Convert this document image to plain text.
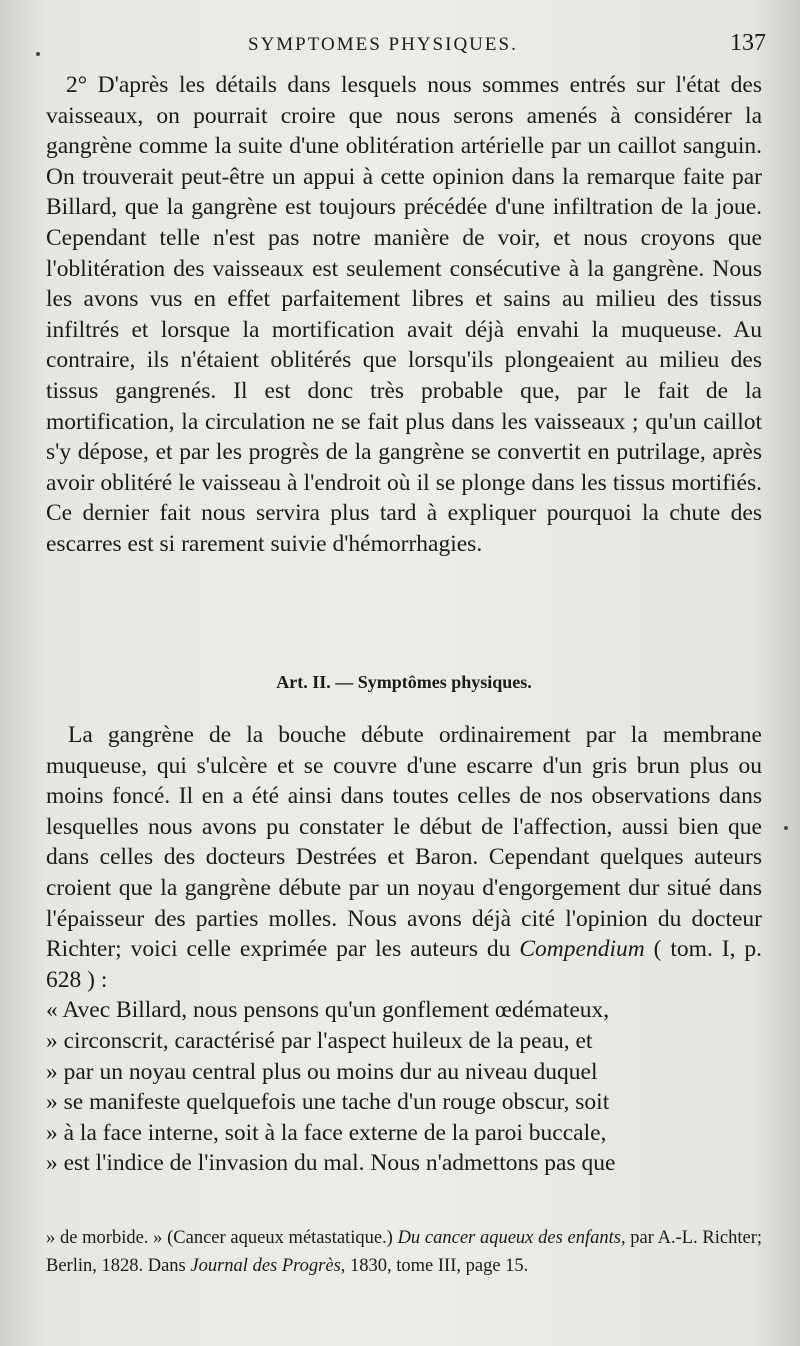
SYMPTOMES PHYSIQUES.	137

2° D'après les détails dans lesquels nous sommes entrés sur l'état des vaisseaux, on pourrait croire que nous serons amenés à considérer la gangrène comme la suite d'une oblitération artérielle par un caillot sanguin. On trouverait peut-être un appui à cette opinion dans la remarque faite par Billard, que la gangrène est toujours précédée d'une infiltration de la joue. Cependant telle n'est pas notre manière de voir, et nous croyons que l'oblitération des vaisseaux est seulement consécutive à la gangrène. Nous les avons vus en effet parfaitement libres et sains au milieu des tissus infiltrés et lorsque la mortification avait déjà envahi la muqueuse. Au contraire, ils n'étaient oblitérés que lorsqu'ils plongeaient au milieu des tissus gangrenés. Il est donc très probable que, par le fait de la mortification, la circulation ne se fait plus dans les vaisseaux ; qu'un caillot s'y dépose, et par les progrès de la gangrène se convertit en putrilage, après avoir oblitéré le vaisseau à l'endroit où il se plonge dans les tissus mortifiés. Ce dernier fait nous servira plus tard à expliquer pourquoi la chute des escarres est si rarement suivie d'hémorrhagies.

Art. II. — Symptômes physiques.

La gangrène de la bouche débute ordinairement par la membrane muqueuse, qui s'ulcère et se couvre d'une escarre d'un gris brun plus ou moins foncé. Il en a été ainsi dans toutes celles de nos observations dans lesquelles nous avons pu constater le début de l'affection, aussi bien que dans celles des docteurs Destrées et Baron. Cependant quelques auteurs croient que la gangrène débute par un noyau d'engorgement dur situé dans l'épaisseur des parties molles. Nous avons déjà cité l'opinion du docteur Richter; voici celle exprimée par les auteurs du Compendium ( tom. I, p. 628 ) :

« Avec Billard, nous pensons qu'un gonflement œdémateux,
» circonscrit, caractérisé par l'aspect huileux de la peau, et
» par un noyau central plus ou moins dur au niveau duquel
» se manifeste quelquefois une tache d'un rouge obscur, soit
» à la face interne, soit à la face externe de la paroi buccale,
» est l'indice de l'invasion du mal. Nous n'admettons pas que
» de morbide. » (Cancer aqueux métastatique.) Du cancer aqueux des enfants, par A.-L. Richter; Berlin, 1828. Dans Journal des Progrès, 1830, tome III, page 15.
